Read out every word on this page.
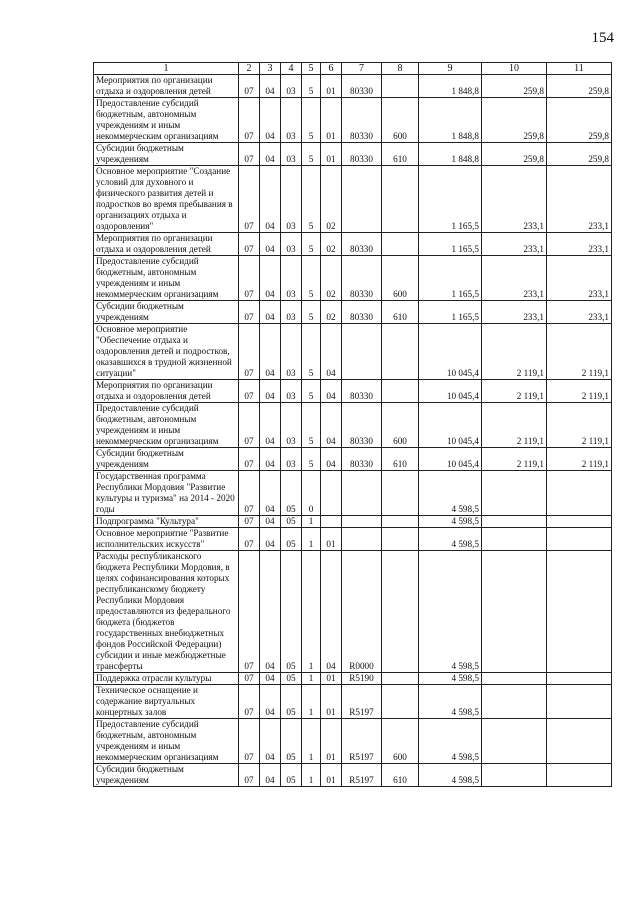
154
1	2	3	4	5	6	7	8	9	10	11
Мероприятия по организации отдыха и оздоровления детей	07	04	03	5	01	80330		1 848,8	259,8	259,8
Предоставление субсидий бюджетным, автономным учреждениям и иным некоммерческим организациям	07	04	03	5	01	80330	600	1 848,8	259,8	259,8
Субсидии бюджетным учреждениям	07	04	03	5	01	80330	610	1 848,8	259,8	259,8
Основное мероприятие "Создание условий для духовного и физического развития детей и подростков во время пребывания в организациях отдыха и оздоровления"	07	04	03	5	02			1 165,5	233,1	233,1
Мероприятия по организации отдыха и оздоровления детей	07	04	03	5	02	80330		1 165,5	233,1	233,1
Предоставление субсидий бюджетным, автономным учреждениям и иным некоммерческим организациям	07	04	03	5	02	80330	600	1 165,5	233,1	233,1
Субсидии бюджетным учреждениям	07	04	03	5	02	80330	610	1 165,5	233,1	233,1
Основное мероприятие "Обеспечение отдыха и оздоровления детей и подростков, оказавшихся в трудной жизненной ситуации"	07	04	03	5	04			10 045,4	2 119,1	2 119,1
Мероприятия по организации отдыха и оздоровления детей	07	04	03	5	04	80330		10 045,4	2 119,1	2 119,1
Предоставление субсидий бюджетным, автономным учреждениям и иным некоммерческим организациям	07	04	03	5	04	80330	600	10 045,4	2 119,1	2 119,1
Субсидии бюджетным учреждениям	07	04	03	5	04	80330	610	10 045,4	2 119,1	2 119,1
Государственная программа Республики Мордовия "Развитие культуры и туризма" на 2014 - 2020 годы	07	04	05	0				4 598,5		
Подпрограмма "Культура"	07	04	05	1				4 598,5		
Основное мероприятие "Развитие исполнительских искусств"	07	04	05	1	01			4 598,5		
Расходы республиканского бюджета Республики Мордовия, в целях софинансирования которых республиканскому бюджету Республики Мордовия предоставляются из федерального бюджета (бюджетов государственных внебюджетных фондов Российской Федерации) субсидии и иные межбюджетные трансферты	07	04	05	1	04	R0000		4 598,5		
Поддержка отрасли культуры	07	04	05	1	01	R5190		4 598,5		
Техническое оснащение и содержание виртуальных концертных залов	07	04	05	1	01	R5197		4 598,5		
Предоставление субсидий бюджетным, автономным учреждениям и иным некоммерческим организациям	07	04	05	1	01	R5197	600	4 598,5		
Субсидии бюджетным учреждениям	07	04	05	1	01	R5197	610	4 598,5		
